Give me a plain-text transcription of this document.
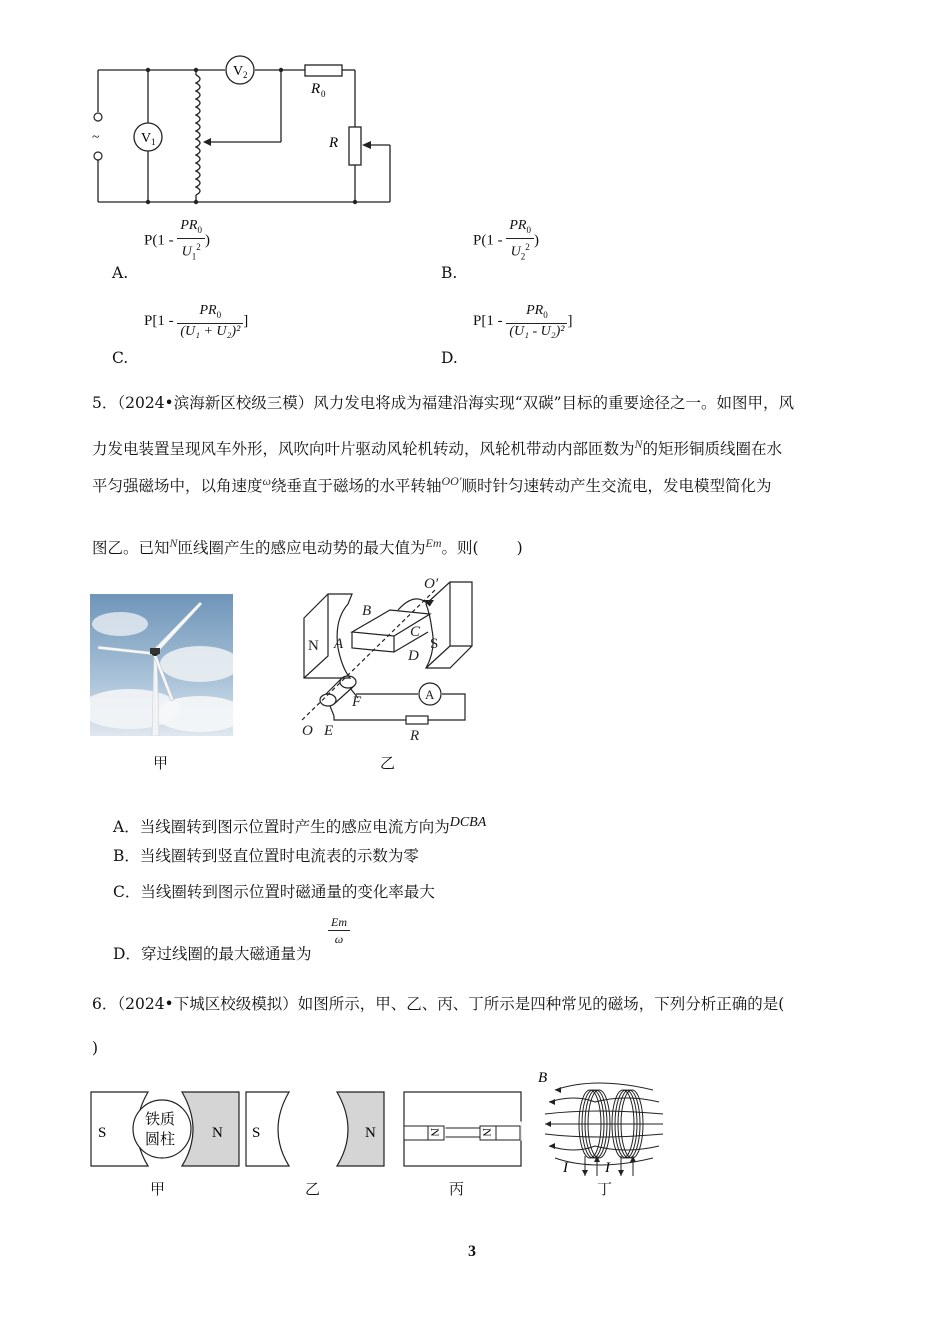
~	V 1
V 2
R 0
R
$P(1 - \frac{PR_0}{U_1^2}$ )
A.
$P(1 - \frac{PR_0}{U_2^2}$ )
B.
$P[1 - \frac{PR_0}{\text{(U₁ + U₂)²}}$ ]
C.
$P[1 - \frac{PR_0}{\text{(U₁ - U₂)²}}$ ]
D.
5．（2024•滨海新区校级三模）风力发电将成为福建沿海实现“双碳”目标的重要途径之一。如图甲，风
力发电装置呈现风车外形，风吹向叶片驱动风轮机转动，风轮机带动内部匝数为$^N$的矩形铜质线圈在水
平匀强磁场中，以角速度$^\omega$绕垂直于磁场的水平转轴$^{OO'}$顺时针匀速转动产生交流电，发电模型简化为
图乙。已知$^N$匝线圈产生的感应电动势的最大值为$^{Em}$。则( )
甲
O′
B
N A
C
S
D
A
F
O E	R
乙
A．当线圈转到图示位置时产生的感应电流方向为DCBA
B．当线圈转到竖直位置时电流表的示数为零
C．当线圈转到图示位置时磁通量的变化率最大
D．穿过线圈的最大磁通量为
$\frac{Em}{\omega}$
6．（2024•下城区校级模拟）如图所示，甲、乙、丙、丁所示是四种常见的磁场，下列分析正确的是(
)
S	N
铁质
圆柱
甲
S	N
乙
N	N
丙
B
I I
丁
3
